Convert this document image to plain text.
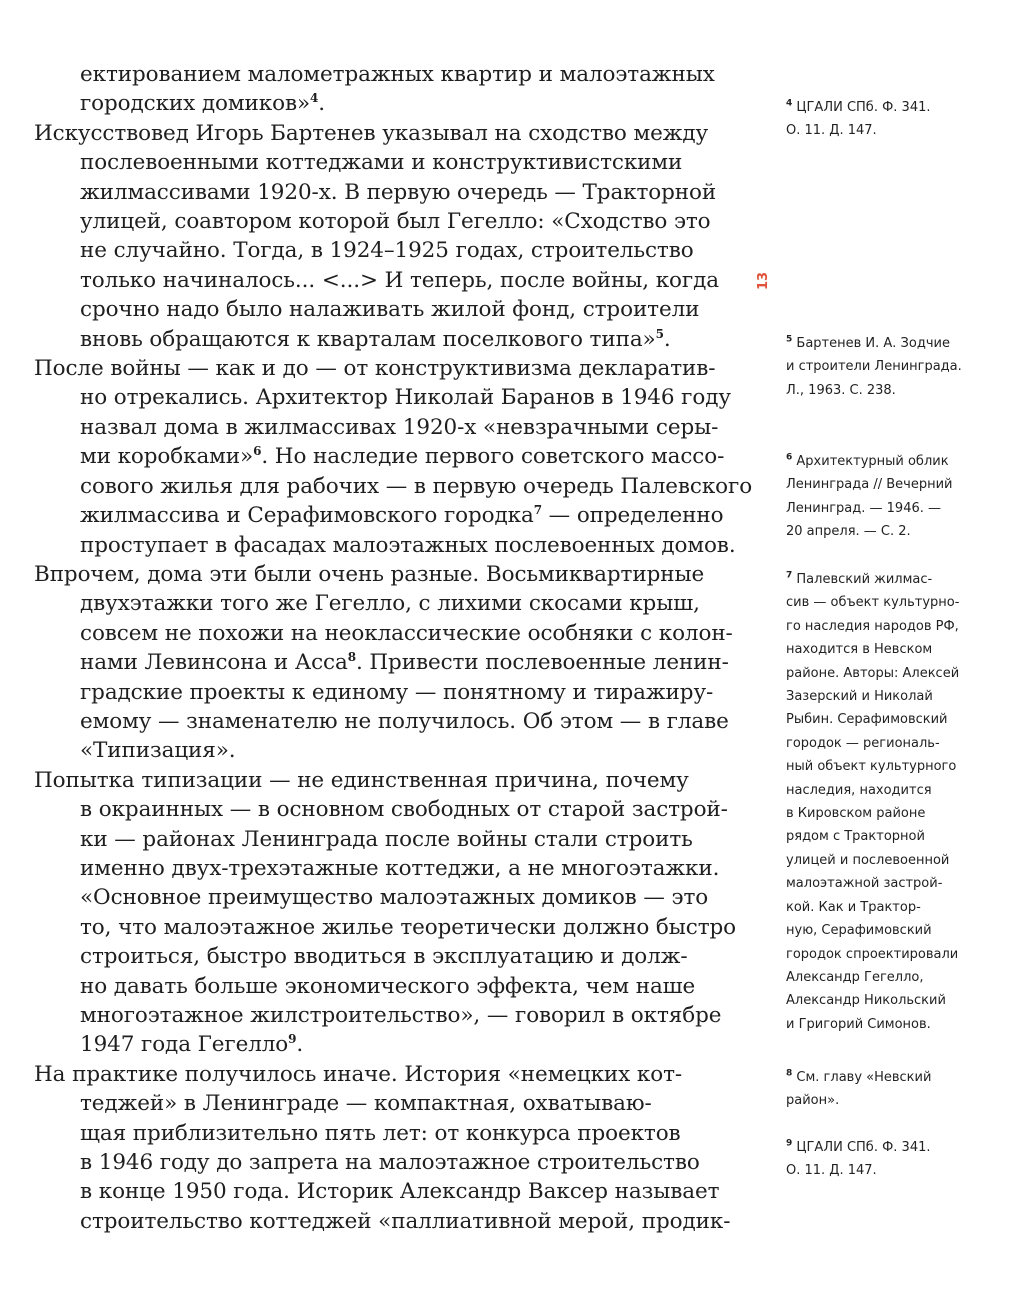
ектированием малометражных квартир и малоэтажных
городских домиков»$^4$.
Искусствовед Игорь Бартенев указывал на сходство между
послевоенными коттеджами и конструктивистскими
жилмассивами 1920-х. В первую очередь — Тракторной
улицей, соавтором которой был Гегелло: «Сходство это
не случайно. Тогда, в 1924–1925 годах, строительство
только начиналось... <...> И теперь, после войны, когда
срочно надо было налаживать жилой фонд, строители
вновь обращаются к кварталам поселкового типа»$^5$.
После войны — как и до — от конструктивизма декларатив-
но отрекались. Архитектор Николай Баранов в 1946 году
назвал дома в жилмассивах 1920-х «невзрачными серы-
ми коробками»$^6$. Но наследие первого советского массо-
сового жилья для рабочих — в первую очередь Палевского
жилмассива и Серафимовского городка$^7$ — определенно
проступает в фасадах малоэтажных послевоенных домов.
Впрочем, дома эти были очень разные. Восьмиквартирные
двухэтажки того же Гегелло, с лихими скосами крыш,
совсем не похожи на неоклассические особняки с колон-
нами Левинсона и Асса$^8$. Привести послевоенные ленин-
градские проекты к единому — понятному и тиражиру-
емому — знаменателю не получилось. Об этом — в главе
«Типизация».
Попытка типизации — не единственная причина, почему
в окраинных — в основном свободных от старой застрой-
ки — районах Ленинграда после войны стали строить
именно двух-трехэтажные коттеджи, а не многоэтажки.
«Основное преимущество малоэтажных домиков — это
то, что малоэтажное жилье теоретически должно быстро
строиться, быстро вводиться в эксплуатацию и долж-
но давать больше экономического эффекта, чем наше
многоэтажное жилстроительство», — говорил в октябре
1947 года Гегелло$^9$.
На практике получилось иначе. История «немецких кот-
теджей» в Ленинграде — компактная, охватываю-
щая приблизительно пять лет: от конкурса проектов
в 1946 году до запрета на малоэтажное строительство
в конце 1950 года. Историк Александр Ваксер называет
строительство коттеджей «паллиативной мерой, продик-
13
$^4$ ЦГАЛИ СПб. Ф. 341.
О. 11. Д. 147.
$^5$ Бартенев И. А. Зодчие
и строители Ленинграда.
Л., 1963. С. 238.
$^6$ Архитектурный облик
Ленинграда // Вечерний
Ленинград. — 1946. —
20 апреля. — С. 2.
$^7$ Палевский жилмас-
сив — объект культурно-
го наследия народов РФ,
находится в Невском
районе. Авторы: Алексей
Зазерский и Николай
Рыбин. Серафимовский
городок — региональ-
ный объект культурного
наследия, находится
в Кировском районе
рядом с Тракторной
улицей и послевоенной
малоэтажной застрой-
кой. Как и Трактор-
ную, Серафимовский
городок спроектировали
Александр Гегелло,
Александр Никольский
и Григорий Симонов.
$^8$ См. главу «Невский
район».
$^9$ ЦГАЛИ СПб. Ф. 341.
О. 11. Д. 147.
